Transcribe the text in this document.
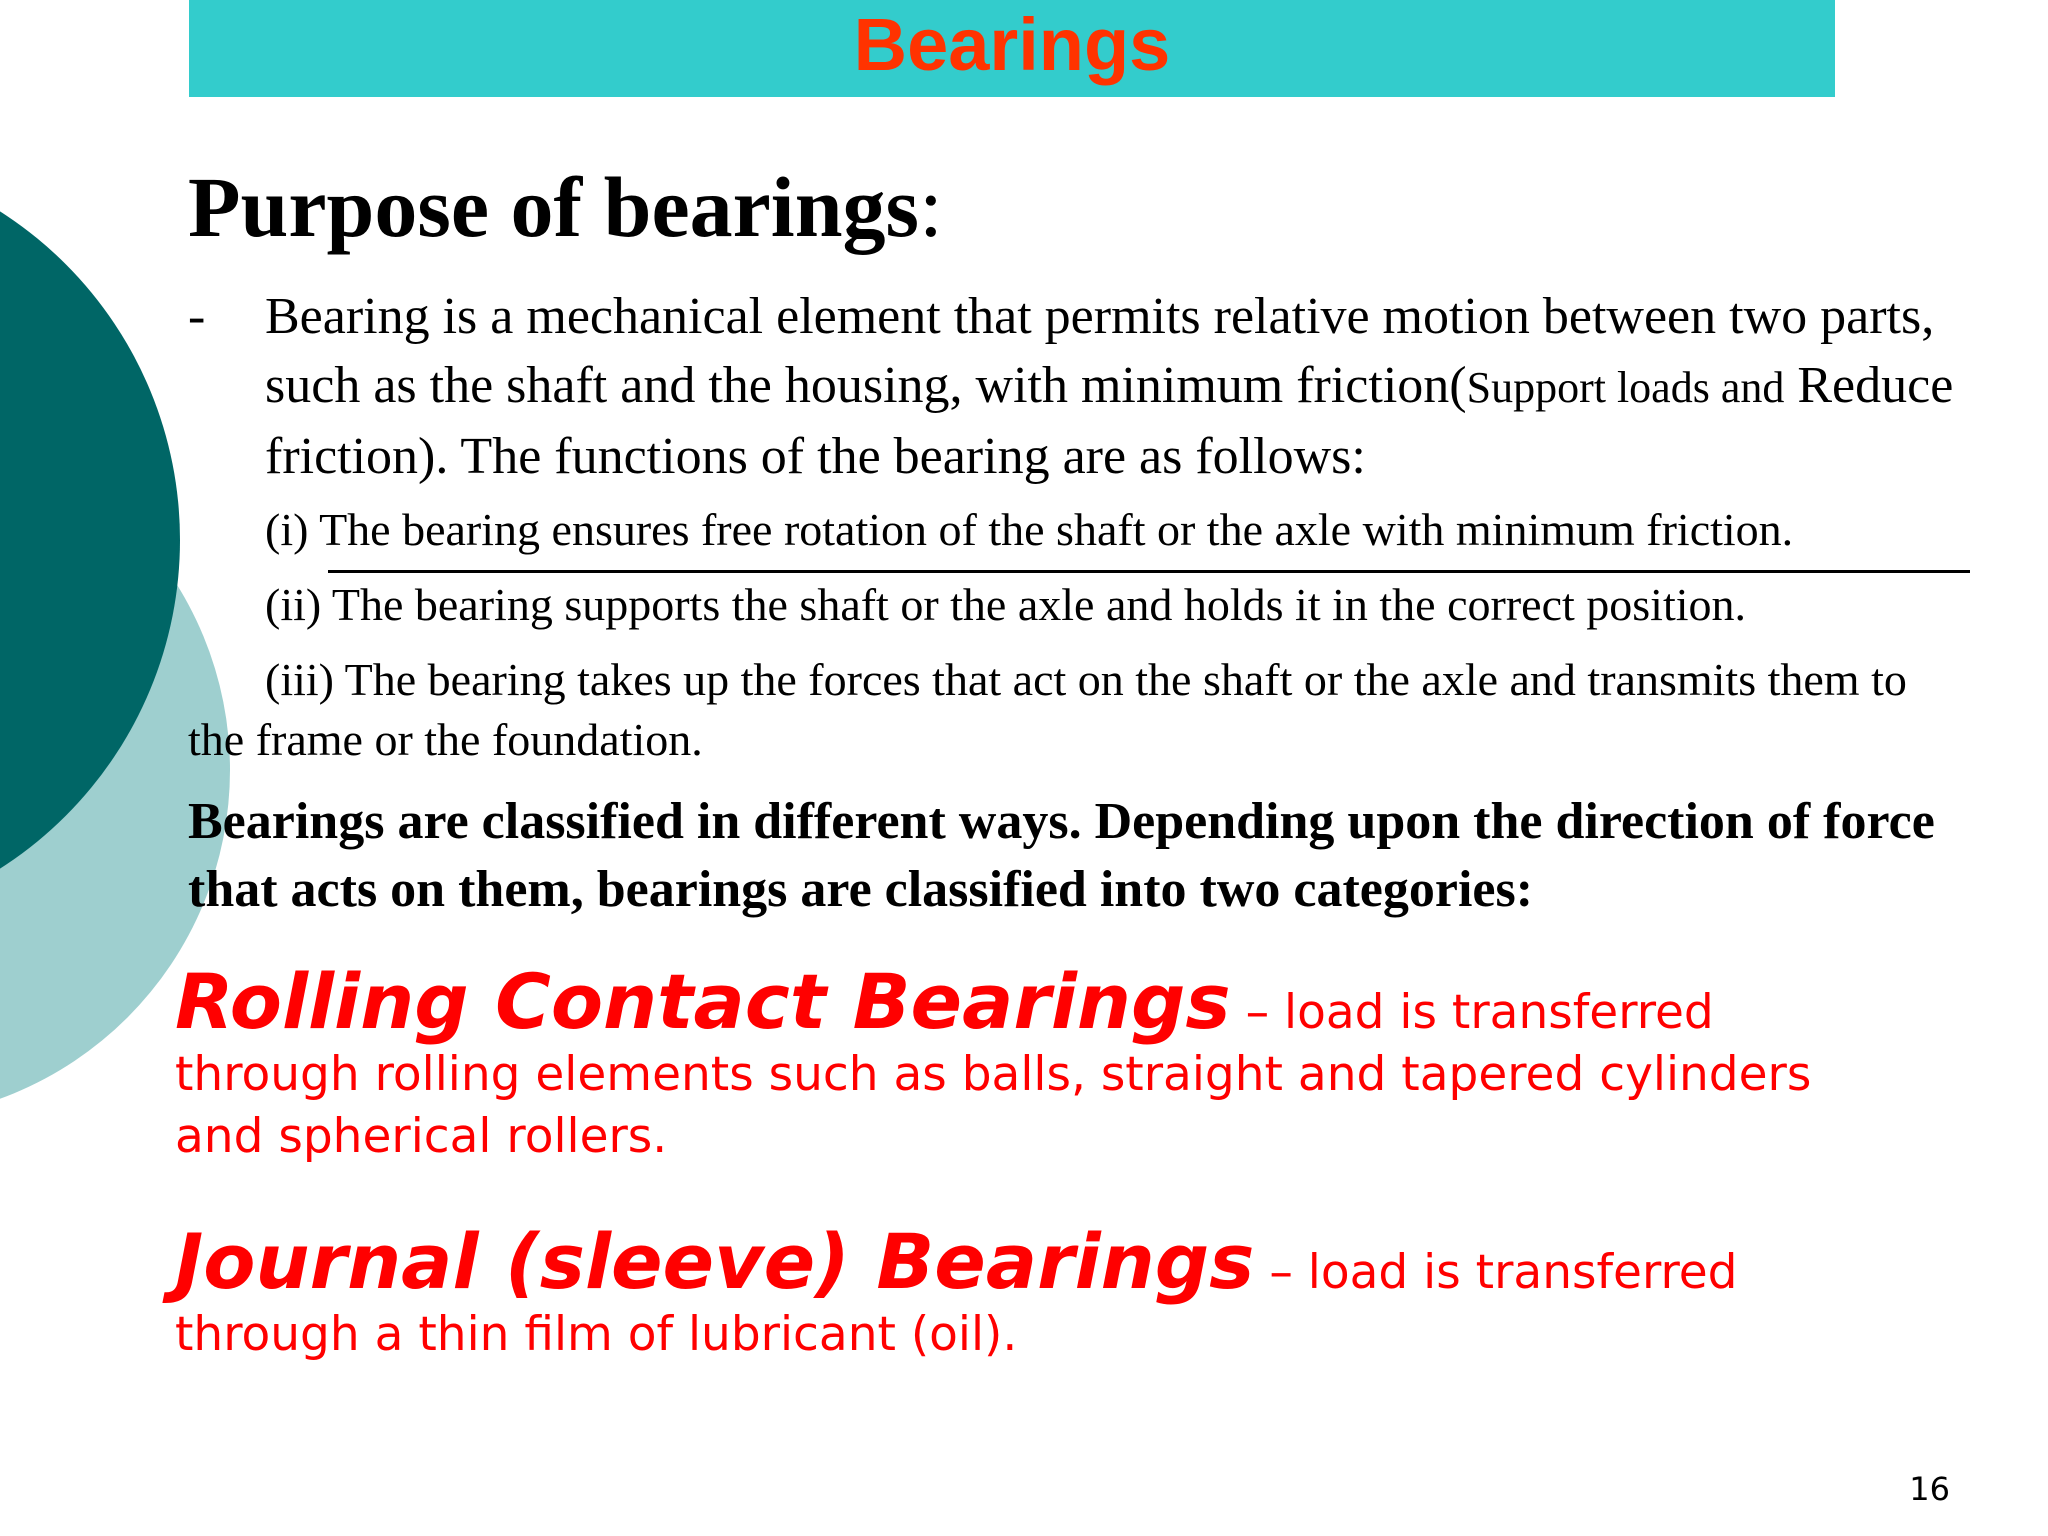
Bearings
Purpose of bearings:
- Bearing is a mechanical element that permits relative motion between two parts, such as the shaft and the housing, with minimum friction(Support loads and Reduce friction). The functions of the bearing are as follows:
(i) The bearing ensures free rotation of the shaft or the axle with minimum friction.
(ii) The bearing supports the shaft or the axle and holds it in the correct position.
(iii) The bearing takes up the forces that act on the shaft or the axle and transmits them to the frame or the foundation.
Bearings are classified in different ways. Depending upon the direction of force that acts on them, bearings are classified into two categories:
Rolling Contact Bearings – load is transferred through rolling elements such as balls, straight and tapered cylinders and spherical rollers.
Journal (sleeve) Bearings – load is transferred through a thin film of lubricant (oil).
16
